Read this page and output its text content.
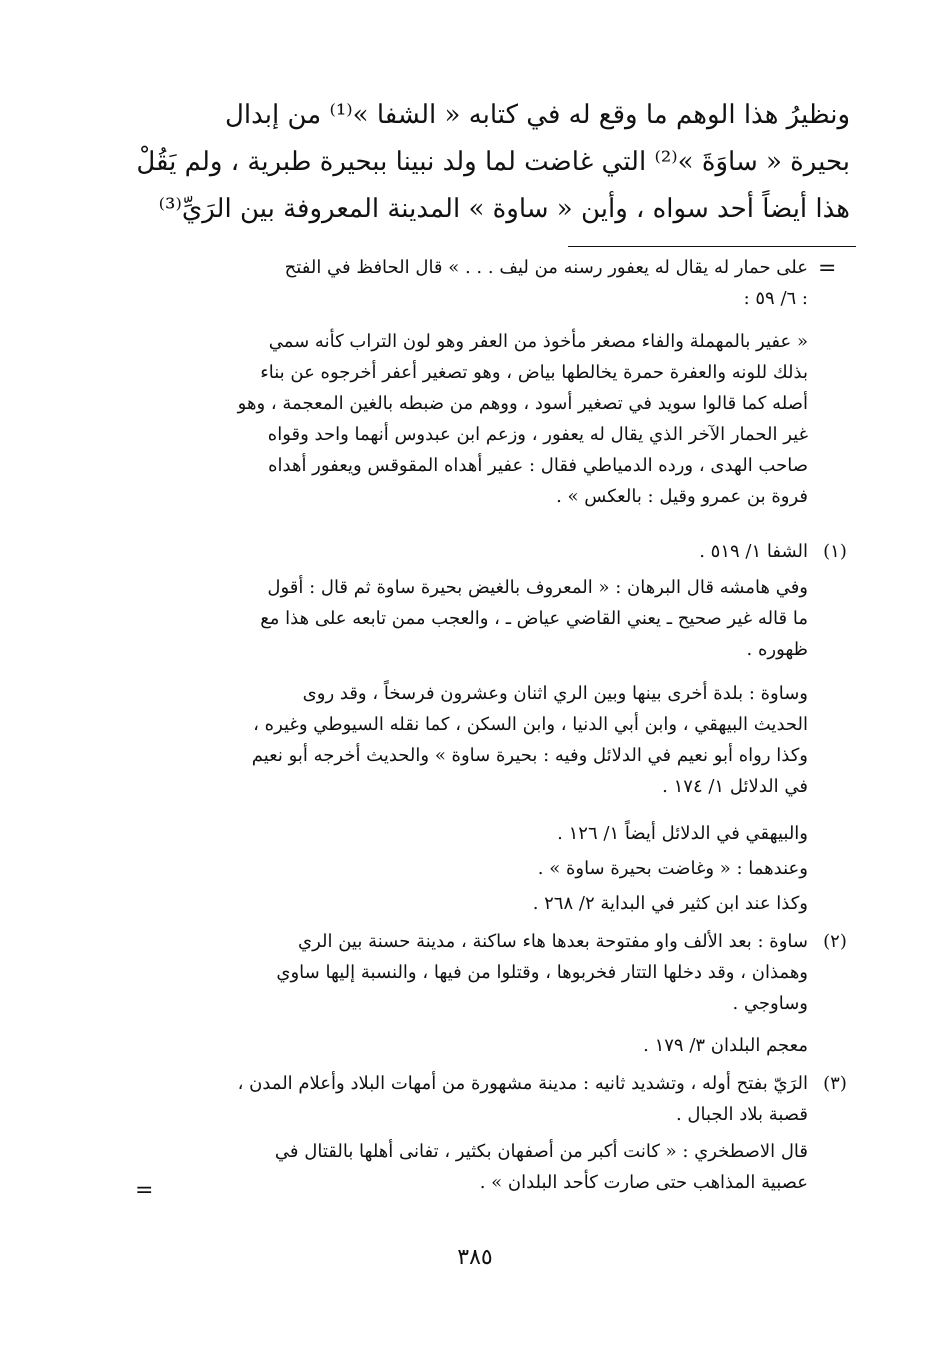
ونظيرُ هذا الوهم ما وقع له في كتابه « الشفا »⁽¹⁾ من إبدال
بحيرة « ساوَةَ »⁽²⁾ التي غاضت لما ولد نبينا ببحيرة طبرية ، ولم يَقُلْ
هذا أيضاً أحد سواه ، وأين « ساوة » المدينة المعروفة بين الرَيِّ⁽³⁾
=
على حمار له يقال له يعفور رسنه من ليف . . . » قال الحافظ في الفتح
: ٦/ ٥٩ :
« عفير بالمهملة والفاء مصغر مأخوذ من العفر وهو لون التراب كأنه سمي
بذلك للونه والعفرة حمرة يخالطها بياض ، وهو تصغير أعفر أخرجوه عن بناء
أصله كما قالوا سويد في تصغير أسود ، ووهم من ضبطه بالغين المعجمة ، وهو
غير الحمار الآخر الذي يقال له يعفور ، وزعم ابن عبدوس أنهما واحد وقواه
صاحب الهدى ، ورده الدمياطي فقال : عفير أهداه المقوقس ويعفور أهداه
فروة بن عمرو وقيل : بالعكس » .
(١)
الشفا ١/ ٥١٩ .
وفي هامشه قال البرهان : « المعروف بالغيض بحيرة ساوة ثم قال : أقول
ما قاله غير صحيح ـ يعني القاضي عياض ـ ، والعجب ممن تابعه على هذا مع
ظهوره .
وساوة : بلدة أخرى بينها وبين الري اثنان وعشرون فرسخاً ، وقد روى
الحديث البيهقي ، وابن أبي الدنيا ، وابن السكن ، كما نقله السيوطي وغيره ،
وكذا رواه أبو نعيم في الدلائل وفيه : بحيرة ساوة » والحديث أخرجه أبو نعيم
في الدلائل ١/ ١٧٤ .
والبيهقي في الدلائل أيضاً ١/ ١٢٦ .
وعندهما : « وغاضت بحيرة ساوة » .
وكذا عند ابن كثير في البداية ٢/ ٢٦٨ .
(٢)
ساوة : بعد الألف واو مفتوحة بعدها هاء ساكنة ، مدينة حسنة بين الري
وهمذان ، وقد دخلها التتار فخربوها ، وقتلوا من فيها ، والنسبة إليها ساوي
وساوجي .
معجم البلدان ٣/ ١٧٩ .
(٣)
الرَيّ بفتح أوله ، وتشديد ثانيه : مدينة مشهورة من أمهات البلاد وأعلام المدن ،
قصبة بلاد الجبال .
قال الاصطخري : « كانت أكبر من أصفهان بكثير ، تفانى أهلها بالقتال في
عصبية المذاهب حتى صارت كأحد البلدان » .
=
٣٨٥
